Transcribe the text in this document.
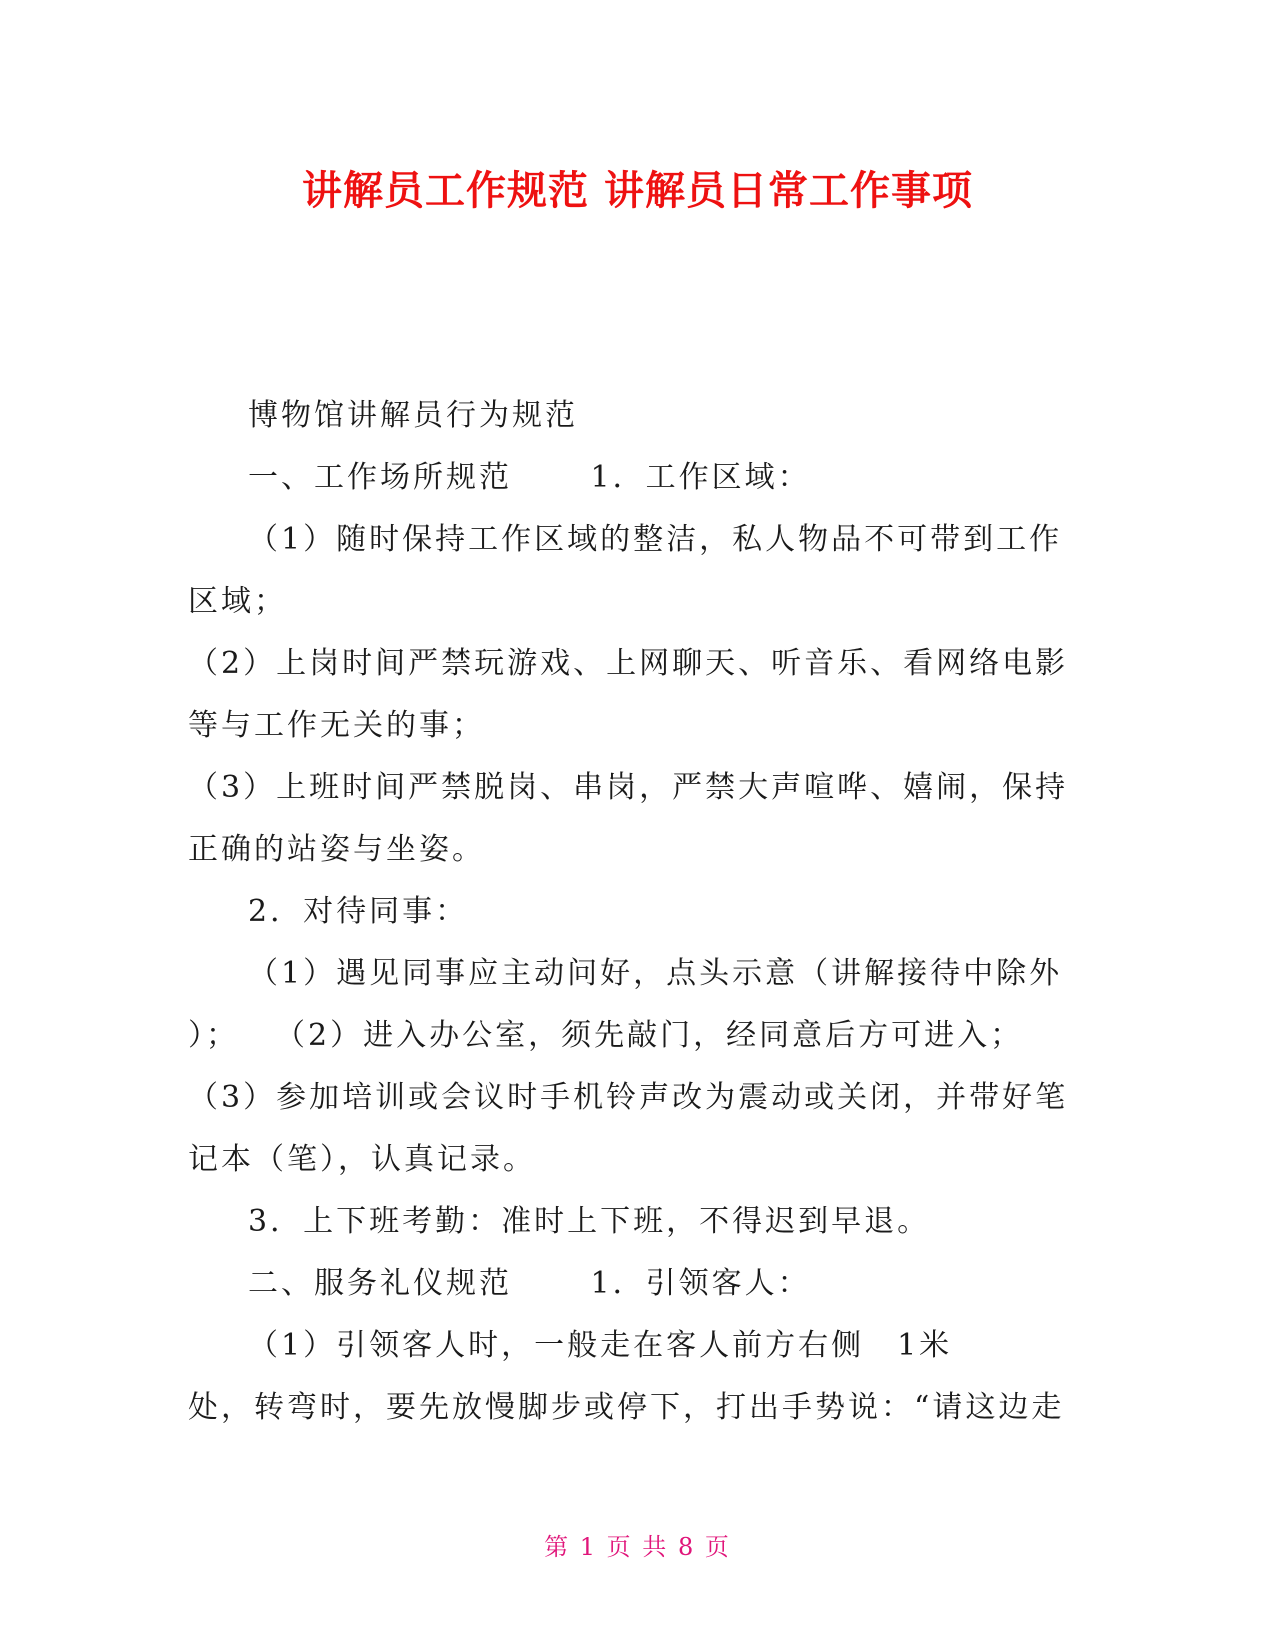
讲解员工作规范 讲解员日常工作事项

博物馆讲解员行为规范

一、工作场所规范　　 1．工作区域：

（1）随时保持工作区域的整洁，私人物品不可带到工作

区域；

（2）上岗时间严禁玩游戏、上网聊天、听音乐、看网络电影

等与工作无关的事；

（3）上班时间严禁脱岗、串岗，严禁大声喧哗、嬉闹，保持

正确的站姿与坐姿。

2．对待同事：

（1）遇见同事应主动问好，点头示意（讲解接待中除外

）；　　（2）进入办公室，须先敲门，经同意后方可进入；

（3）参加培训或会议时手机铃声改为震动或关闭，并带好笔

记本（笔），认真记录。

3．上下班考勤：准时上下班，不得迟到早退。

二、服务礼仪规范　　 1．引领客人：

（1）引领客人时，一般走在客人前方右侧　1米

处，转弯时，要先放慢脚步或停下，打出手势说：“请这边走

第 1 页 共 8 页
